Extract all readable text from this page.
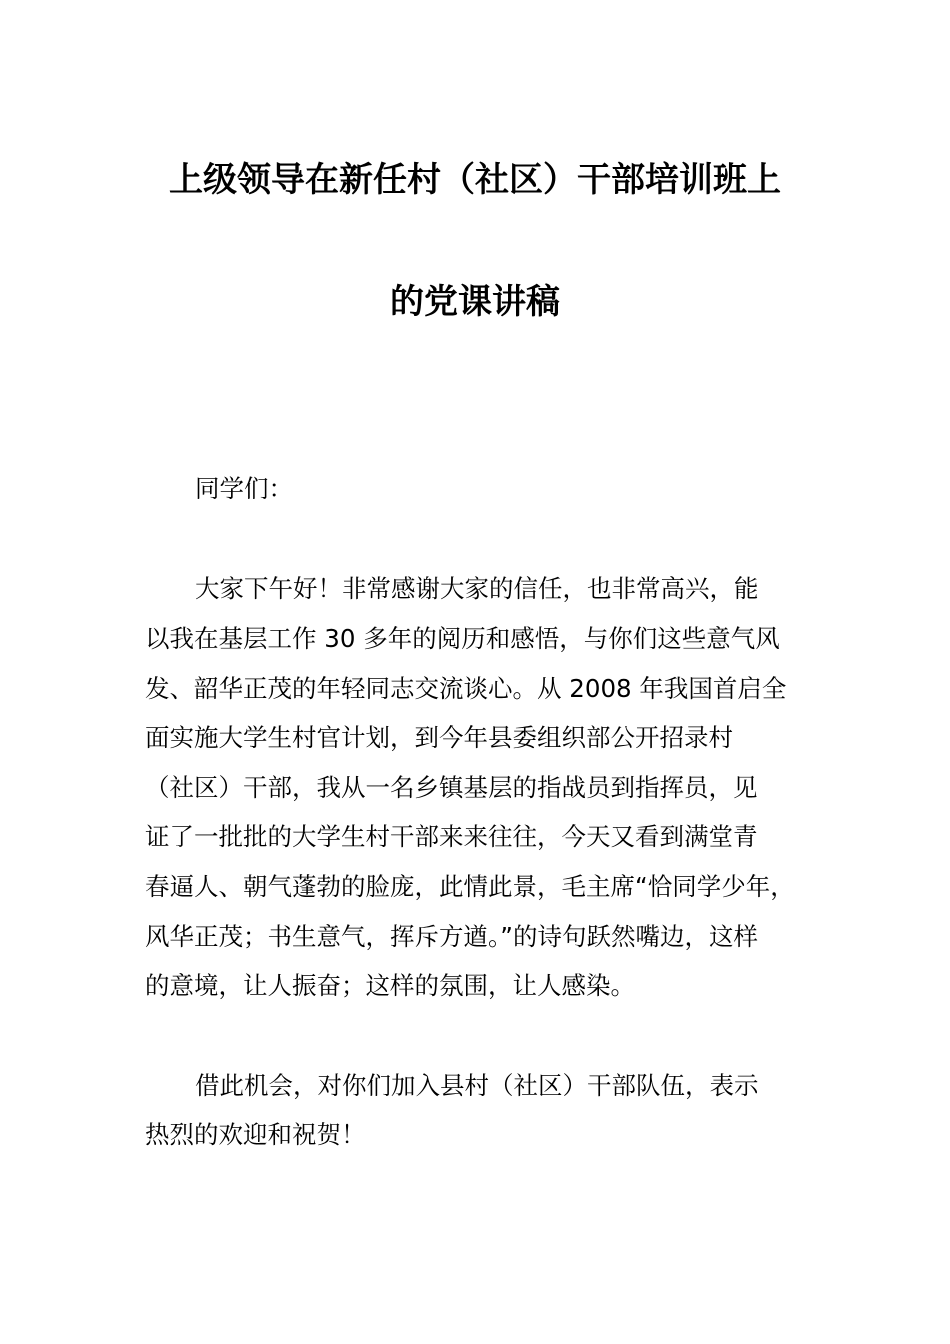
上级领导在新任村（社区）干部培训班上
的党课讲稿
同学们：
大家下午好！非常感谢大家的信任，也非常高兴，能
以我在基层工作 30 多年的阅历和感悟，与你们这些意气风
发、韶华正茂的年轻同志交流谈心。从 2008 年我国首启全
面实施大学生村官计划，到今年县委组织部公开招录村
（社区）干部，我从一名乡镇基层的指战员到指挥员，见
证了一批批的大学生村干部来来往往，今天又看到满堂青
春逼人、朝气蓬勃的脸庞，此情此景，毛主席“恰同学少年，
风华正茂；书生意气，挥斥方遒。”的诗句跃然嘴边，这样
的意境，让人振奋；这样的氛围，让人感染。
借此机会，对你们加入县村（社区）干部队伍，表示
热烈的欢迎和祝贺！
